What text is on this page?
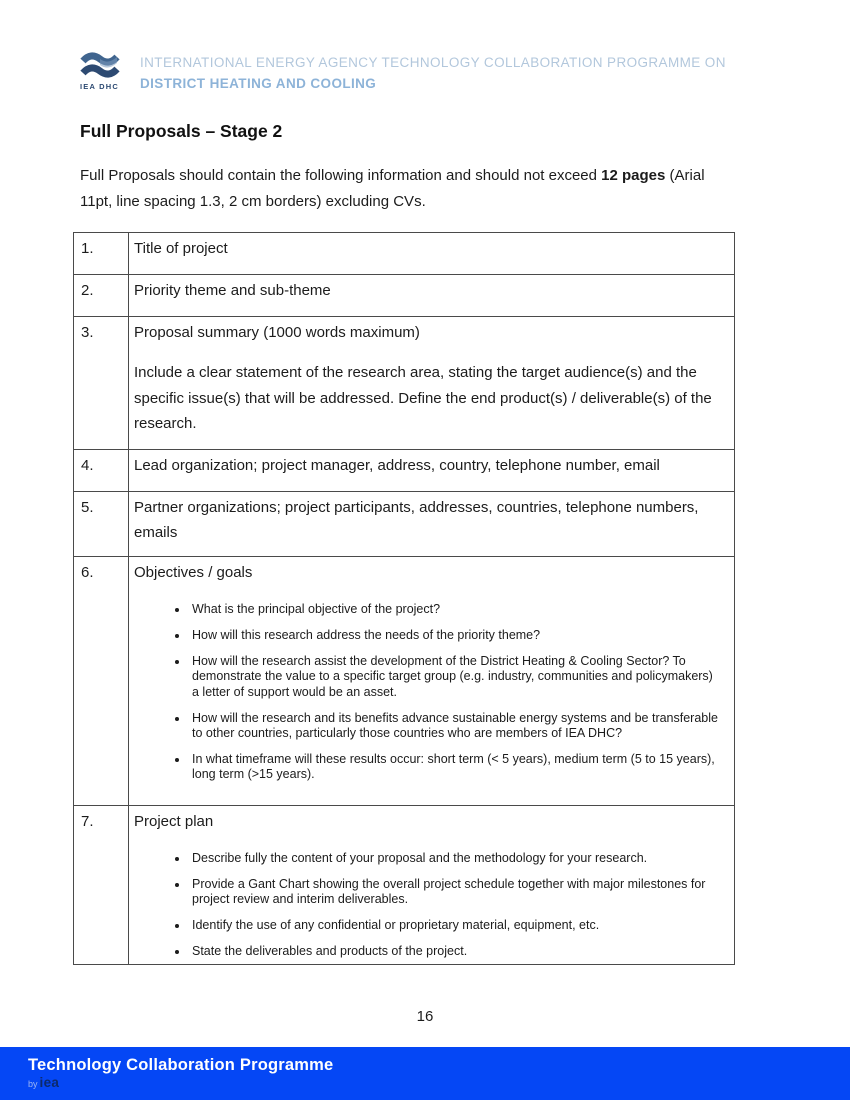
IEA DHC
INTERNATIONAL ENERGY AGENCY TECHNOLOGY COLLABORATION PROGRAMME ON
DISTRICT HEATING AND COOLING
Full Proposals – Stage 2
Full Proposals should contain the following information and should not exceed 12 pages (Arial 11pt, line spacing 1.3, 2 cm borders) excluding CVs.
1.	Title of project

2.	Priority theme and sub-theme

3.	Proposal summary (1000 words maximum)
Include a clear statement of the research area, stating the target audience(s) and the specific issue(s) that will be addressed. Define the end product(s) / deliverable(s) of the research.

4.	Lead organization; project manager, address, country, telephone number, email

5.	Partner organizations; project participants, addresses, countries, telephone numbers, emails

6.	Objectives / goals
• What is the principal objective of the project?
• How will this research address the needs of the priority theme?
• How will the research assist the development of the District Heating & Cooling Sector? To demonstrate the value to a specific target group (e.g. industry, communities and policymakers) a letter of support would be an asset.
• How will the research and its benefits advance sustainable energy systems and be transferable to other countries, particularly those countries who are members of IEA DHC?
• In what timeframe will these results occur: short term (< 5 years), medium term (5 to 15 years), long term (>15 years).

7.	Project plan
• Describe fully the content of your proposal and the methodology for your research.
• Provide a Gant Chart showing the overall project schedule together with major milestones for project review and interim deliverables.
• Identify the use of any confidential or proprietary material, equipment, etc.
• State the deliverables and products of the project.
16
Technology Collaboration Programme
by iea
